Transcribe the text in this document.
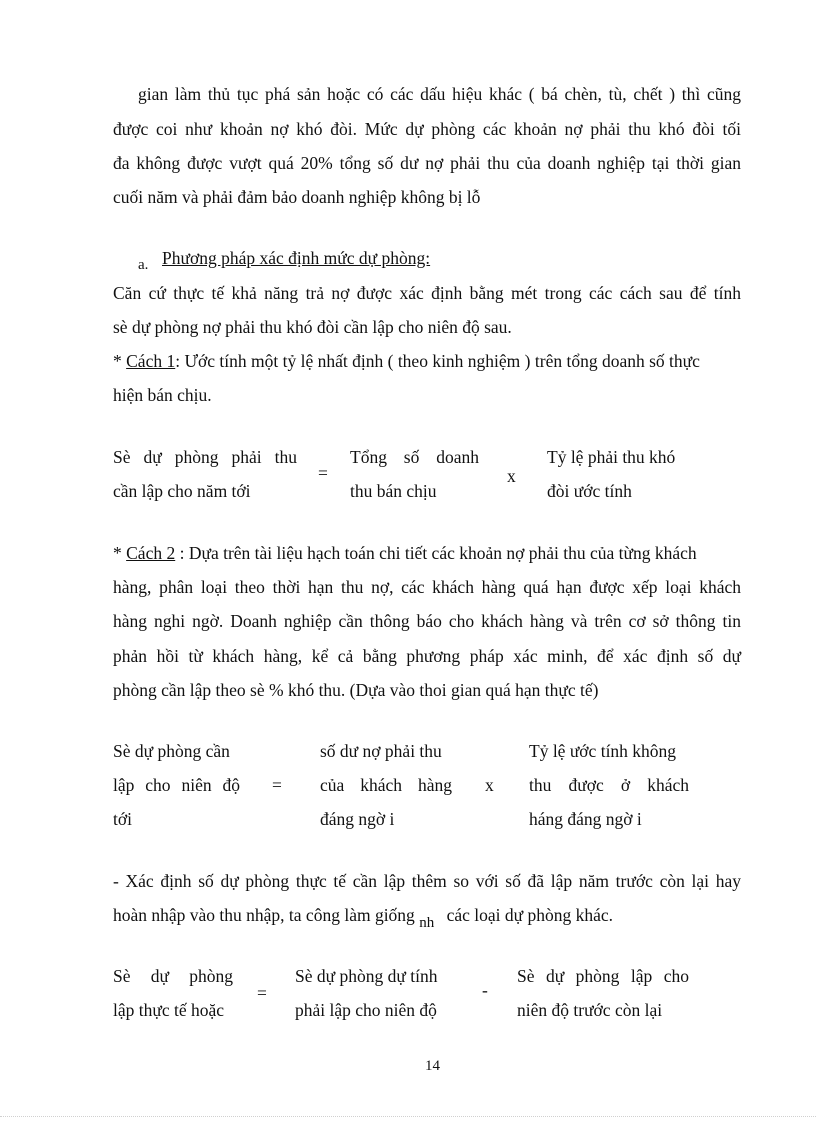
gian làm thủ tục phá sản hoặc có các dấu hiệu khác ( bá chèn, tù, chết ) thì cũng
được coi như khoản nợ khó đòi. Mức dự phòng các khoản nợ phải thu khó đòi tối
đa không được vượt quá 20% tổng số dư nợ phải thu của doanh nghiệp tại thời gian
cuối năm và phải đảm bảo doanh nghiệp không bị lỗ
a. Phương pháp xác định mức dự phòng:
Căn cứ thực tế khả năng trả nợ được xác định bằng mét trong các cách sau để tính
sè dự phòng nợ phải thu khó đòi cần lập cho niên độ sau.
* Cách 1: Ước tính một tỷ lệ nhất định ( theo kinh nghiệm ) trên tổng doanh số thực
hiện bán chịu.
Sè dự phòng phải thu
cần lập cho năm tới
=
Tổng số doanh
thu bán chịu
x
Tỷ lệ phải thu khó
đòi ước tính
* Cách 2 : Dựa trên tài liệu hạch toán chi tiết các khoản nợ phải thu của từng khách
hàng, phân loại theo thời hạn thu nợ, các khách hàng quá hạn được xếp loại khách
hàng nghi ngờ. Doanh nghiệp cần thông báo cho khách hàng và trên cơ sở thông tin
phản hồi từ khách hàng, kể cả bằng phương pháp xác minh, để xác định số dự
phòng cần lập theo sè % khó thu. (Dựa vào thoi gian quá hạn thực tế)
Sè dự phòng cần
lập cho niên độ
tới
=
số dư nợ phải thu
của khách hàng
đáng ngờ i
x
Tỷ lệ ước tính không
thu được ở khách
háng đáng ngờ i
- Xác định số dự phòng thực tế cần lập thêm so với số đã lập năm trước còn lại hay
hoàn nhập vào thu nhập, ta công làm giống nh các loại dự phòng khác.
Sè dự phòng
lập thực tế hoặc
=
Sè dự phòng dự tính
phải lập cho niên độ
-
Sè dự phòng lập cho
niên độ trước còn lại
14
